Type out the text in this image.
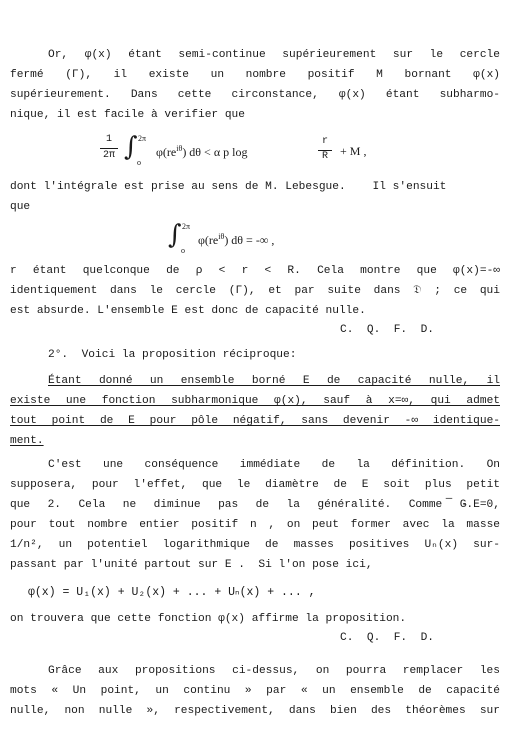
Or, φ(x) étant semi-continue supérieurement sur le cercle
fermé (Γ), il existe un nombre positif M bornant φ(x)
supérieurement. Dans cette circonstance, φ(x) étant subharmo-
nique, il est facile à verifier que
1
2π
2π
∫
o
$\varphi(re^{i\theta}) d\theta < \alpha$ p log
r
R	+ M ,
dont l'intégrale est prise au sens de M. Lebesgue.    Il s'ensuit
que
2π
∫
o
$\varphi(re^{i\theta}) d\theta$ = -∞ ,
r étant quelconque de ρ < r < R. Cela montre que φ(x)=-∞
identiquement dans le cercle (Γ), et par suite dans 𝔇 ; ce qui
est absurde. L'ensemble E est donc de capacité nulle.
C.  Q.  F.  D.
2°. Voici la proposition réciproque:
Étant donné un ensemble borné E de capacité nulle, il
existe une fonction subharmonique φ(x), sauf à x=∞, qui admet
tout point de E pour pôle négatif, sans devenir -∞ identique-
ment.
C'est une conséquence immédiate de la définition. On
supposera, pour l'effet, que le diamètre de E soit plus petit
que 2. Cela ne diminue pas de la généralité. Comme ̅Ǥ.E=0,
pour tout nombre entier positif n , on peut former avec la masse
1/n², un potentiel logarithmique de masses positives Uₙ(x) sur-
passant par l'unité partout sur E .  Si l'on pose ici,
φ(x) = U₁(x) + U₂(x) + ... + Uₙ(x) + ... ,
on trouvera que cette fonction φ(x) affirme la proposition.
C.  Q.  F.  D.
Grâce aux propositions ci-dessus, on pourra remplacer les
mots « Un point, un continu » par « un ensemble de capacité
nulle, non nulle », respectivement, dans bien des théorèmes sur
